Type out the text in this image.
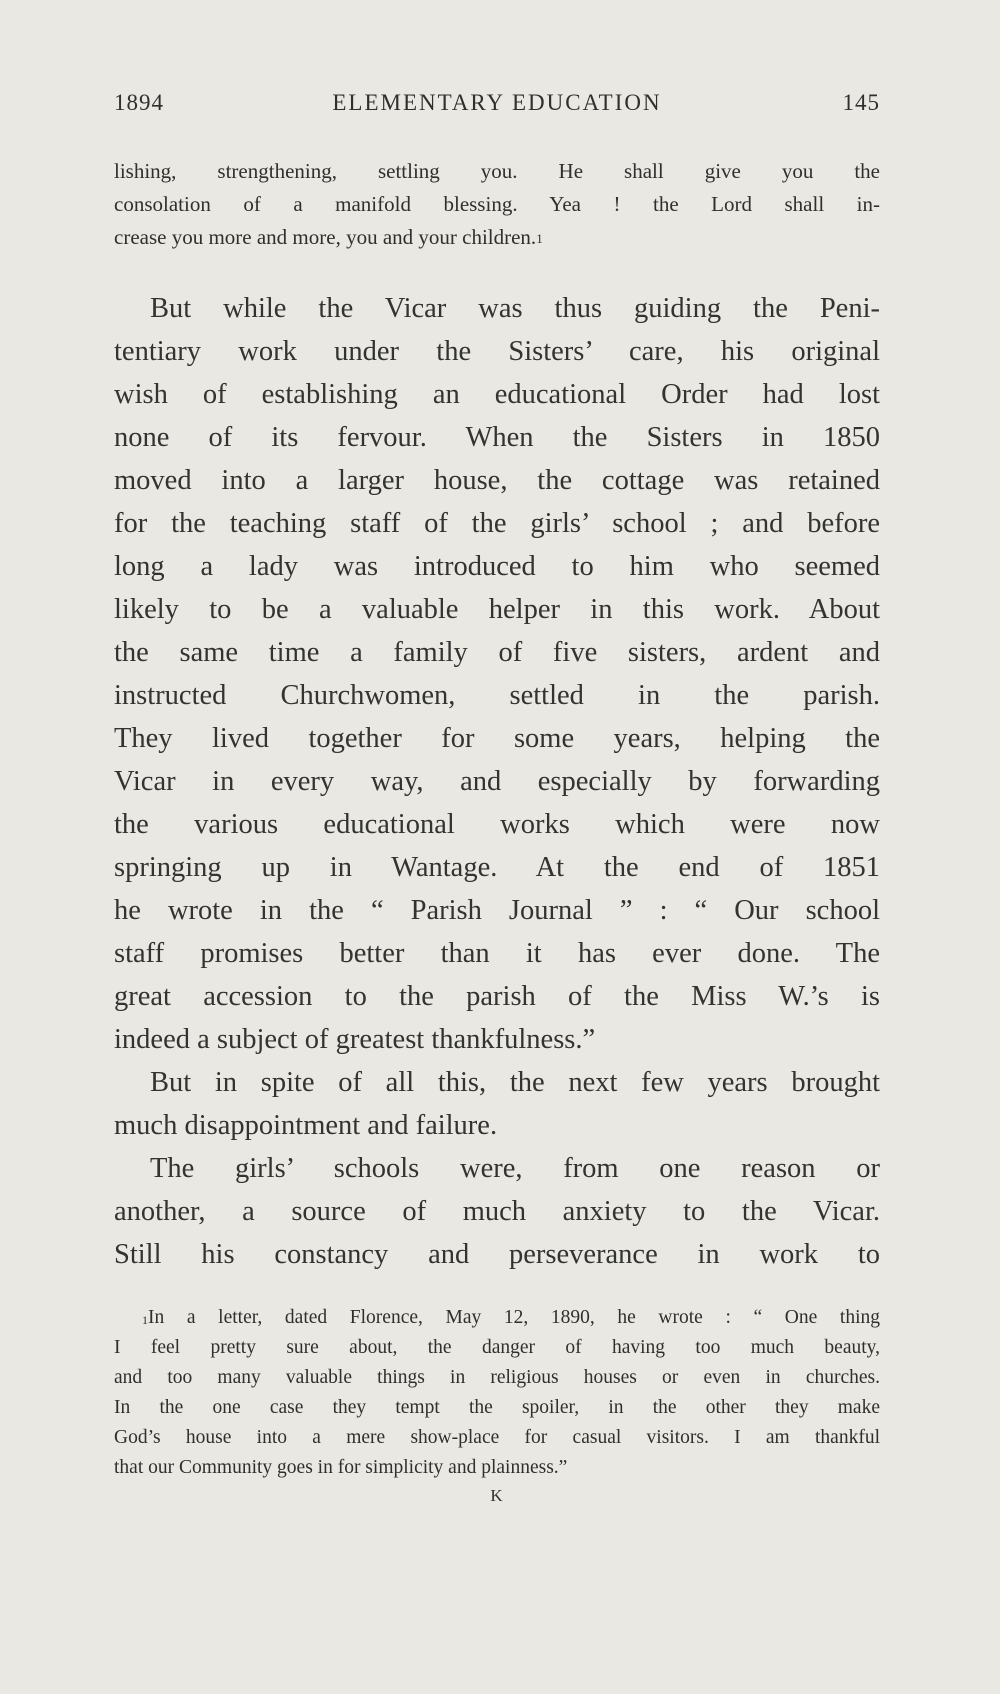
1894	ELEMENTARY EDUCATION	145
lishing, strengthening, settling you. He shall give you the
consolation of a manifold blessing. Yea ! the Lord shall in-
crease you more and more, you and your children.$^1$
But while the Vicar was thus guiding the Peni-
tentiary work under the Sisters’ care, his original
wish of establishing an educational Order had lost
none of its fervour. When the Sisters in 1850
moved into a larger house, the cottage was retained
for the teaching staff of the girls’ school ; and before
long a lady was introduced to him who seemed
likely to be a valuable helper in this work. About
the same time a family of five sisters, ardent and
instructed Churchwomen, settled in the parish.
They lived together for some years, helping the
Vicar in every way, and especially by forwarding
the various educational works which were now
springing up in Wantage. At the end of 1851
he wrote in the “ Parish Journal ” : “ Our school
staff promises better than it has ever done. The
great accession to the parish of the Miss W.’s is
indeed a subject of greatest thankfulness.”
But in spite of all this, the next few years brought
much disappointment and failure.
The girls’ schools were, from one reason or
another, a source of much anxiety to the Vicar.
Still his constancy and perseverance in work to
$^1$In a letter, dated Florence, May 12, 1890, he wrote : “ One thing
I feel pretty sure about, the danger of having too much beauty,
and too many valuable things in religious houses or even in churches.
In the one case they tempt the spoiler, in the other they make
God’s house into a mere show-place for casual visitors. I am thankful
that our Community goes in for simplicity and plainness.”
K
